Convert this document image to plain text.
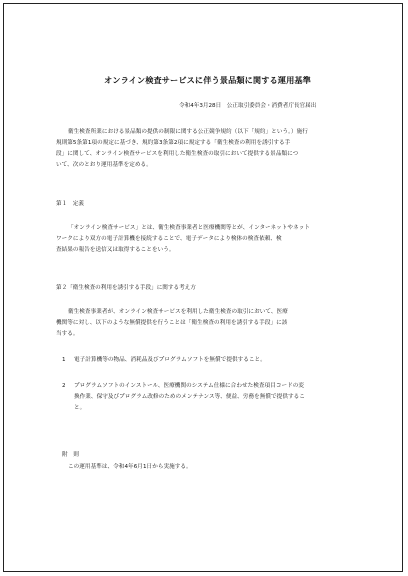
オンライン検査サービスに伴う景品類に関する運用基準
令和4年3月28日　公正取引委員会・消費者庁長官届出
衛生検査所業における景品類の提供の制限に関する公正競争規約（以下「規約」という。）施行
規則第5条第1項の規定に基づき、規約第3条第2項に規定する「衛生検査の利用を誘引する手
段」に関して、オンライン検査サービスを利用した衛生検査の取引において提供する景品類につ
いて、次のとおり運用基準を定める。
第１　定義
「オンライン検査サービス」とは、衛生検査事業者と医療機関等とが、インターネットやネット
ワークにより双方の電子計算機を接続することで、電子データにより検体の検査依頼、検
査結果の報告を送信又は取得することをいう。
第２「衛生検査の利用を誘引する手段」に関する考え方
衛生検査事業者が、オンライン検査サービスを利用した衛生検査の取引において、医療
機関等に対し、以下のような無償提供を行うことは「衛生検査の利用を誘引する手段」に該
当する。
1 電子計算機等の物品、消耗品及びプログラムソフトを無償で提供すること。
2 プログラムソフトのインストール、医療機関のシステム仕様に合わせた検査項目コードの変
換作業、保守及びプログラム改修のためのメンテナンス等、便益、労務を無償で提供するこ
と。
附　則
この運用基準は、令和4年6月1日から実施する。
